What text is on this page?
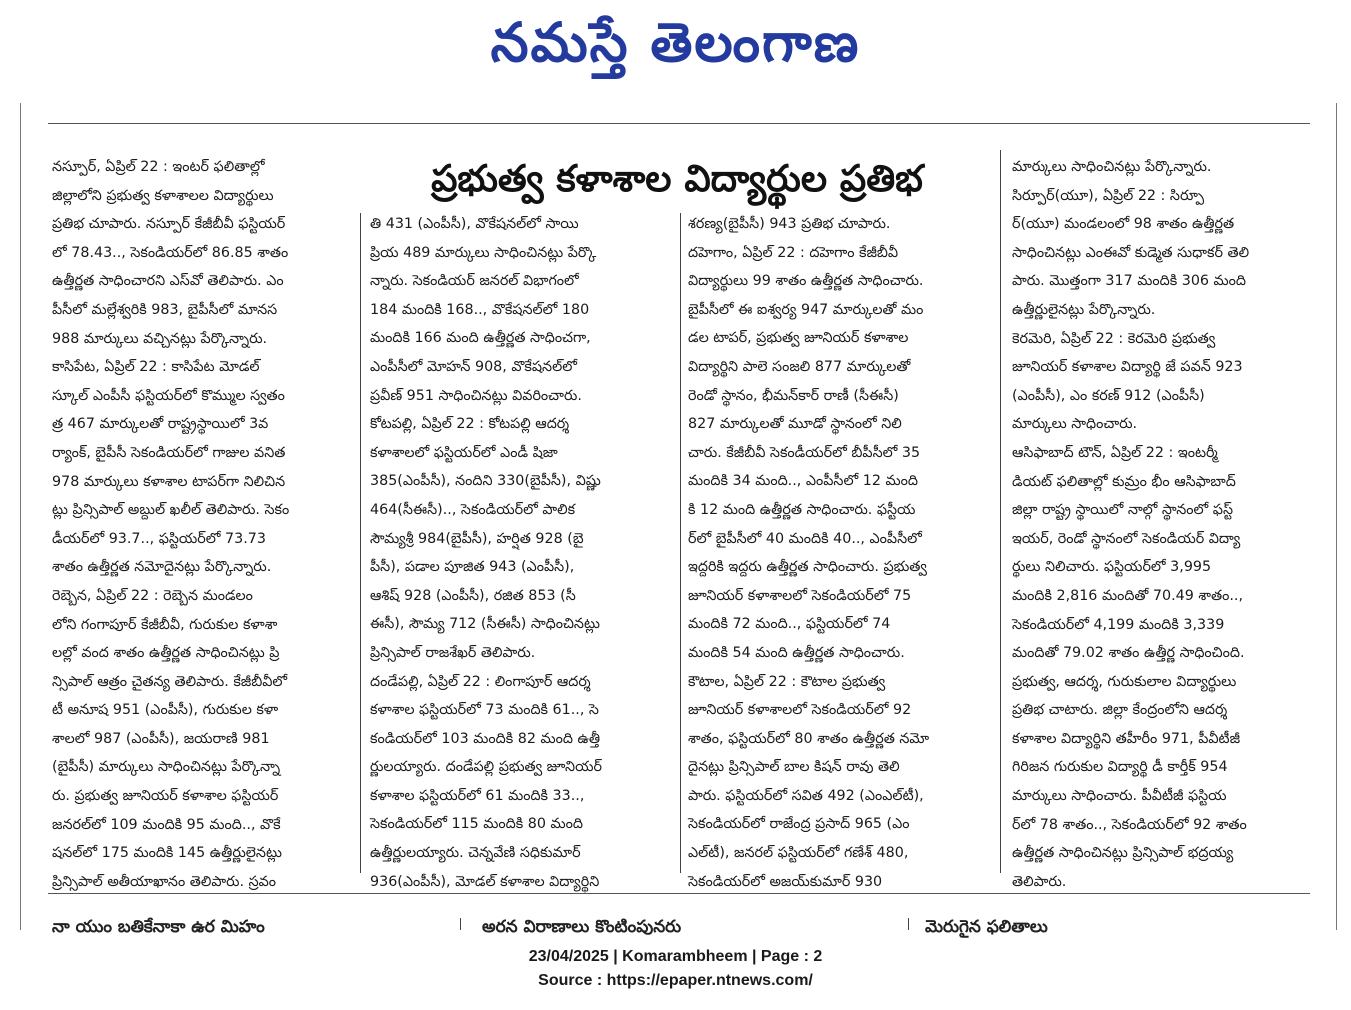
నమస్తే తెలంగాణ
ప్రభుత్వ కళాశాల విద్యార్థుల ప్రతిభ
నస్పూర్, ఏప్రిల్ 22 : ఇంటర్ ఫలితాల్లో
జిల్లాలోని ప్రభుత్వ కళాశాలల విద్యార్థులు
ప్రతిభ చూపారు. నస్పూర్ కేజీబీవీ ఫస్టియర్
లో 78.43.., సెకండియర్‌లో 86.85 శాతం
ఉత్తీర్ణత సాధించారని ఎస్‌వో తెలిపారు. ఎం
పీసీలో మల్లేశ్వరికి 983, బైపీసీలో మానస
988 మార్కులు వచ్చినట్లు పేర్కొన్నారు.
కాసిపేట, ఏప్రిల్ 22 : కాసిపేట మోడల్
స్కూల్ ఎంపీసీ ఫస్టియర్‌లో కొమ్ముల స్వతం
త్ర 467 మార్కులతో రాష్ట్రస్థాయిలో 3వ
ర్యాంక్, బైపీసీ సెకండియర్‌లో గాజుల వనిత
978 మార్కులు కళాశాల టాపర్‌గా నిలిచిన
ట్లు ప్రిన్సిపాల్ అబ్దుల్ ఖలీల్ తెలిపారు. సెకం
డీయర్‌లో 93.7.., ఫస్టియర్‌లో 73.73
శాతం ఉత్తీర్ణత నమోదైనట్లు పేర్కొన్నారు.
రెబ్బెన, ఏప్రిల్ 22 : రెబ్బెన మండలం
లోని గంగాపూర్ కేజీబీవీ, గురుకుల కళాశా
లల్లో వంద శాతం ఉత్తీర్ణత సాధించినట్లు ప్రి
న్సిపాల్ ఆత్రం చైతన్య తెలిపారు. కేజీబీవీలో
టీ అనూష 951 (ఎంపీసీ), గురుకుల కళా
శాలలో 987 (ఎంపీసీ), జయరాణి 981
(బైపీసీ) మార్కులు సాధించినట్లు పేర్కొన్నా
రు. ప్రభుత్వ జూనియర్ కళాశాల ఫస్టియర్
జనరల్‌లో 109 మందికి 95 మంది.., వొకే
షనల్‌లో 175 మందికి 145 ఉత్తీర్ణులైనట్లు
ప్రిన్సిపాల్ అతీయాఖానం తెలిపారు. స్రవం
తి 431 (ఎంపీసీ), వొకేషనల్‌లో సాయి
ప్రియ 489 మార్కులు సాధించినట్లు పేర్కొ
న్నారు. సెకండియర్ జనరల్ విభాగంలో
184 మందికి 168.., వొకేషనల్‌లో 180
మందికి 166 మంది ఉత్తీర్ణత సాధించగా,
ఎంపీసీలో మోహన్ 908, వొకేషనల్‌లో
ప్రవీణ్ 951 సాధించినట్లు వివరించారు.
కోటపల్లి, ఏప్రిల్ 22 : కోటపల్లి ఆదర్శ
కళాశాలలో ఫస్టియర్‌లో ఎండీ షిజా
385(ఎంపీసీ), నందిని 330(బైపీసీ), విష్ణు
464(సీఈసీ).., సెకండియర్‌లో పాలిక
సౌమ్యశ్రీ 984(బైపీసీ), హర్షిత 928 (బై
పీసీ), పడాల పూజిత 943 (ఎంపీసీ),
ఆశిష్ 928 (ఎంపీసీ), రజిత 853 (సీ
ఈసీ), సౌమ్య 712 (సీఈసీ) సాధించినట్లు
ప్రిన్సిపాల్ రాజశేఖర్ తెలిపారు.
దండేపల్లి, ఏప్రిల్ 22 : లింగాపూర్ ఆదర్శ
కళాశాల ఫస్టియర్‌లో 73 మందికి 61.., సె
కండియర్‌లో 103 మందికి 82 మంది ఉత్తీ
ర్ణులయ్యారు. దండేపల్లి ప్రభుత్వ జూనియర్
కళాశాల ఫస్టియర్‌లో 61 మందికి 33..,
సెకండియర్‌లో 115 మందికి 80 మంది
ఉత్తీర్ణులయ్యారు. చెన్నవేణి సధికుమార్
936(ఎంపీసీ), మోడల్ కళాశాల విద్యార్థిని
శరణ్య(బైపీసీ) 943 ప్రతిభ చూపారు.
దహెగాం, ఏప్రిల్ 22 : దహెగాం కేజీబీవీ
విద్యార్థులు 99 శాతం ఉత్తీర్ణత సాధించారు.
బైపీసీలో ఈ ఐశ్వర్య 947 మార్కులతో మం
డల టాపర్, ప్రభుత్వ జూనియర్ కళాశాల
విద్యార్థిని పాలె సంజలి 877 మార్కులతో
రెండో స్థానం, భీమన్‌కార్ రాణీ (సీఈసీ)
827 మార్కులతో మూడో స్థానంలో నిలి
చారు. కేజీబీవీ సెకండీయర్‌లో బీపీసీలో 35
మందికి 34 మంది.., ఎంపీసీలో 12 మంది
కి 12 మంది ఉత్తీర్ణత సాధించారు. ఫస్టీయ
ర్‌లో బైపీసీలో 40 మందికి 40.., ఎంపీసీలో
ఇద్దరికి ఇద్దరు ఉత్తీర్ణత సాధించారు. ప్రభుత్వ
జూనియర్ కళాశాలలో సెకండియర్‌లో 75
మందికి 72 మంది.., ఫస్టియర్‌లో 74
మందికి 54 మంది ఉత్తీర్ణత సాధించారు.
కౌటాల, ఏప్రిల్ 22 : కౌటాల ప్రభుత్వ
జూనియర్ కళాశాలలో సెకండియర్‌లో 92
శాతం, ఫస్టియర్‌లో 80 శాతం ఉత్తీర్ణత నమో
దైనట్లు ప్రిన్సిపాల్ బాల కిషన్ రావు తెలి
పారు. ఫస్టియర్‌లో సవిత 492 (ఎంఎల్‌టీ),
సెకండియర్‌లో రాజేంద్ర ప్రసాద్ 965 (ఎం
ఎల్‌టీ), జనరల్ ఫస్టియర్‌లో గణేశ్ 480,
సెకండియర్‌లో అజయ్‌కుమార్ 930
మార్కులు సాధించినట్లు పేర్కొన్నారు.
సిర్పూర్(యూ), ఏప్రిల్ 22 : సిర్పూ
ర్(యూ) మండలంలో 98 శాతం ఉత్తీర్ణత
సాధించినట్లు ఎంఈవో కుడ్మెత సుధాకర్ తెలి
పారు. మొత్తంగా 317 మందికి 306 మంది
ఉత్తీర్ణులైనట్లు పేర్కొన్నారు.
కెరమెరి, ఏప్రిల్ 22 : కెరమెరి ప్రభుత్వ
జూనియర్ కళాశాల విద్యార్థి జే పవన్ 923
(ఎంపీసీ), ఎం కరణ్ 912 (ఎంపీసీ)
మార్కులు సాధించారు.
ఆసిఫాబాద్ టౌన్, ఏప్రిల్ 22 : ఇంటర్మీ
డియట్ ఫలితాల్లో కుమ్రం భీం ఆసిఫాబాద్
జిల్లా రాష్ట్ర స్థాయిలో నాల్గో స్థానంలో ఫస్ట్
ఇయర్, రెండో స్థానంలో సెకండియర్ విద్యా
ర్థులు నిలిచారు. ఫస్టియర్‌లో 3,995
మందికి 2,816 మందితో 70.49 శాతం..,
సెకండియర్‌లో 4,199 మందికి 3,339
మందితో 79.02 శాతం ఉత్తీర్ణ సాధించింది.
ప్రభుత్వ, ఆదర్శ, గురుకులాల విద్యార్థులు
ప్రతిభ చాటారు. జిల్లా కేంద్రంలోని ఆదర్శ
కళాశాల విద్యార్థిని తహీరీం 971, పీవీటీజీ
గిరిజన గురుకుల విద్యార్థి డీ కార్తీక్ 954
మార్కులు సాధించారు. పీవీటీజీ ఫస్టియ
ర్‌లో 78 శాతం.., సెకండియర్‌లో 92 శాతం
ఉత్తీర్ణత సాధించినట్లు ప్రిన్సిపాల్ భద్రయ్య
తెలిపారు.
నా యుం బతికేనాకా ఉర మిహం	అరన విరాణాలు కొంటింపునరు	మెరుగైన ఫలితాలు
23/04/2025 | Komarambheem | Page : 2
Source : https://epaper.ntnews.com/
